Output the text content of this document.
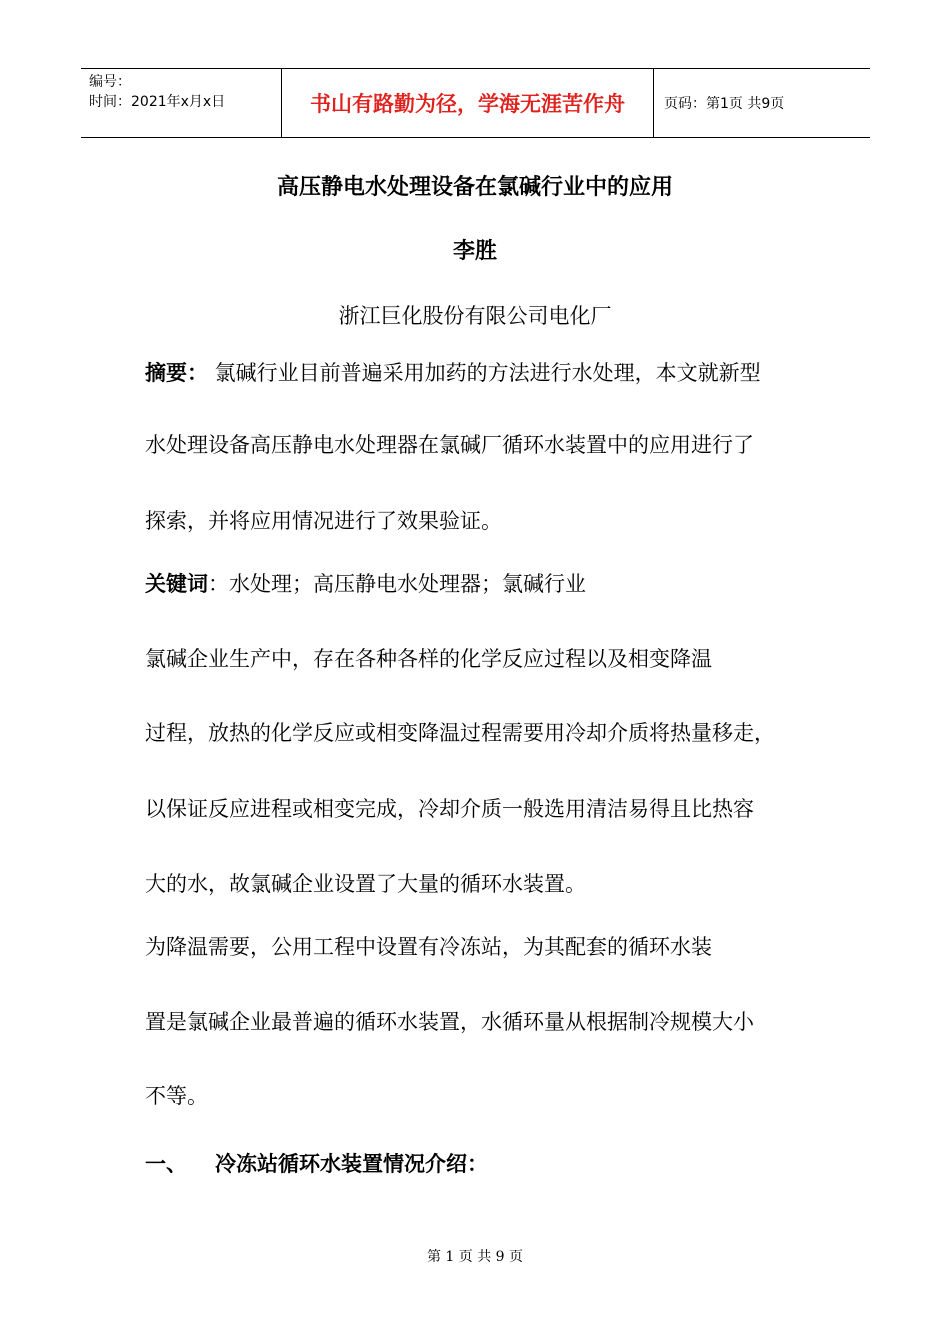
编号：
时间：2021年x月x日	书山有路勤为径，学海无涯苦作舟	页码：第1页 共9页
高压静电水处理设备在氯碱行业中的应用
李胜
浙江巨化股份有限公司电化厂
摘要： 氯碱行业目前普遍采用加药的方法进行水处理，本文就新型
水处理设备高压静电水处理器在氯碱厂循环水装置中的应用进行了
探索，并将应用情况进行了效果验证。
关键词：水处理；高压静电水处理器；氯碱行业
氯碱企业生产中，存在各种各样的化学反应过程以及相变降温
过程，放热的化学反应或相变降温过程需要用冷却介质将热量移走，
以保证反应进程或相变完成，冷却介质一般选用清洁易得且比热容
大的水，故氯碱企业设置了大量的循环水装置。
为降温需要，公用工程中设置有冷冻站，为其配套的循环水装
置是氯碱企业最普遍的循环水装置，水循环量从根据制冷规模大小
不等。
一、 冷冻站循环水装置情况介绍：
第 1 页 共 9 页
